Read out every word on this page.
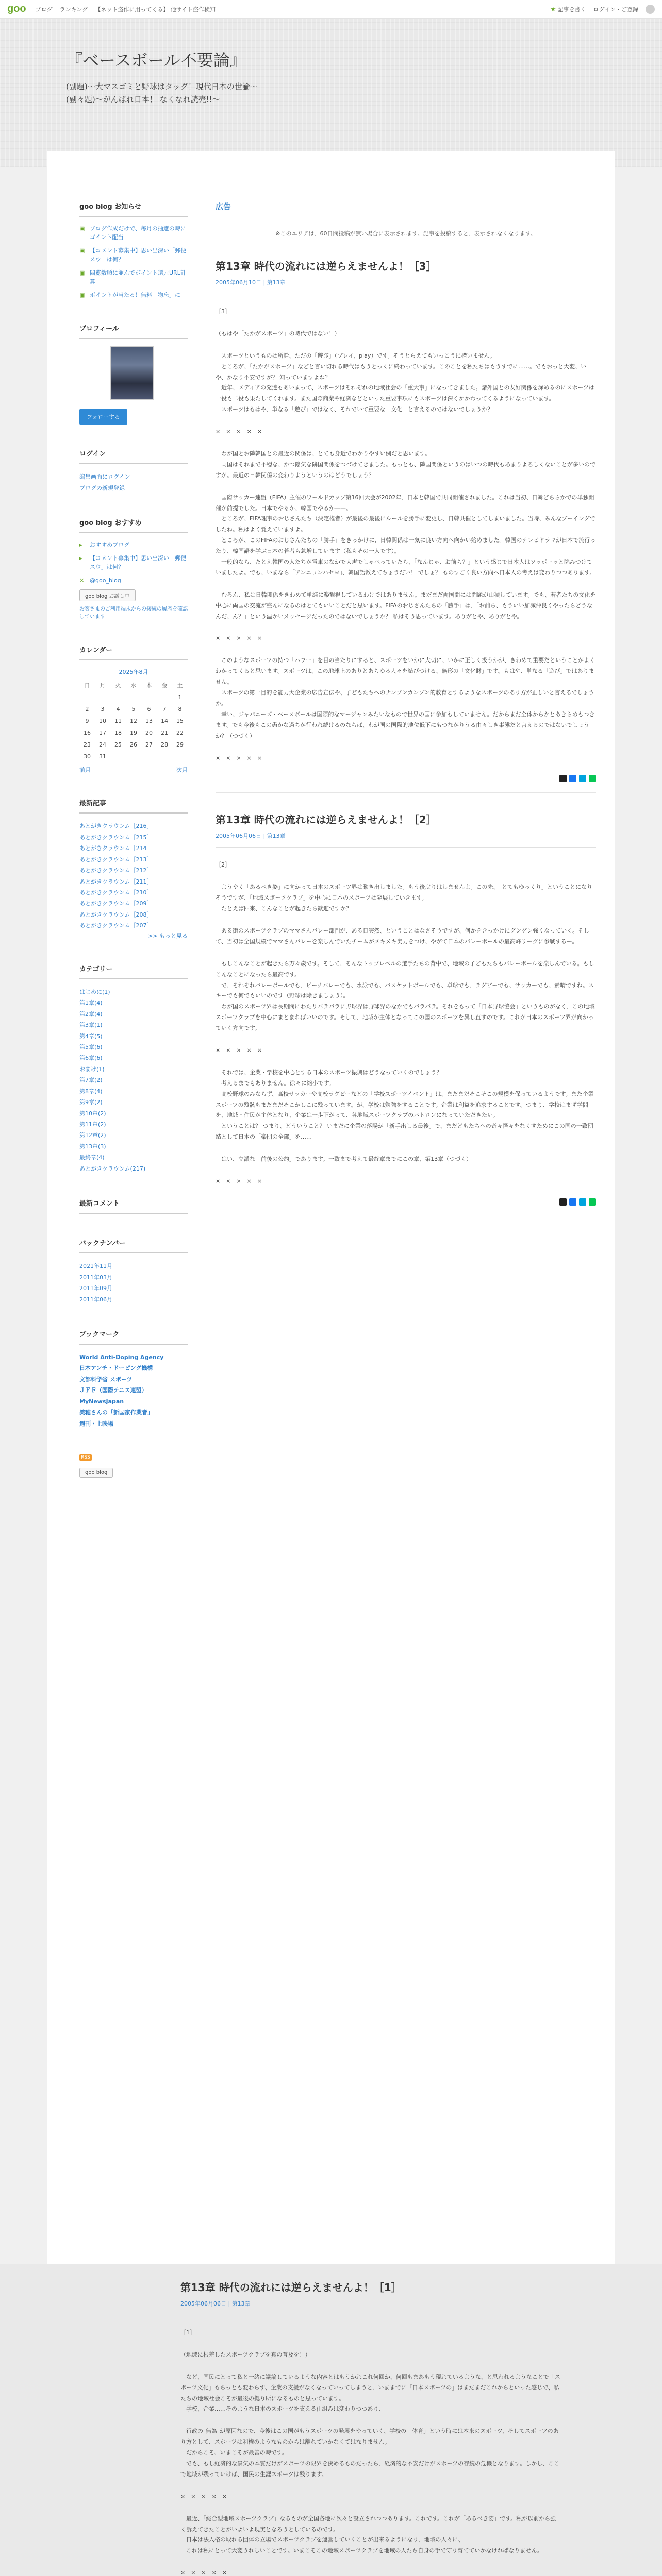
goo ブログ ランキング 【ネット盗作に用ってくる】 他サイト盗作検知	★ 記事を書く ログイン・ご登録
『ベースボール不要論』
(副題)〜大マスゴミと野球はタッグ！現代日本の世論〜
(副々題)〜がんばれ日本！ なくなれ読売!!〜
goo blog お知らせ
▣ ブログ作成だけで、毎月の抽選の時にゴイント配当
▣ 【コメント募集中】思い出深い「郵便スウ」は何？
▣ 閲覧数順に並んでボイント還元URL計算
▣ ボイントが当たる！無料「物忘」に
プロフィール
フォローする
ログイン
編集画面にログイン
ブログの新規登録
goo blog おすすめ
▸	おすすめブログ
▸	【コメント募集中】思い出深い「郵便スウ」は何？
✕ @goo_blog
goo blog お試し中
お客さまのご利用端末からの接続の履歴を確認しています
カレンダー
2025年8月
日	月	火	水	木	金	土
						1
2	3	4	5	6	7	8
9	10	11	12	13	14	15
16	17	18	19	20	21	22
23	24	25	26	27	28	29
30	31					
前月	次月
最新記事
あとがきクラウンム［216］
あとがきクラウンム［215］
あとがきクラウンム［214］
あとがきクラウンム［213］
あとがきクラウンム［212］
あとがきクラウンム［211］
あとがきクラウンム［210］
あとがきクラウンム［209］
あとがきクラウンム［208］
あとがきクラウンム［207］
>> もっと見る
カテゴリー
はじめに(1)
第1章(4)
第2章(4)
第3章(1)
第4章(5)
第5章(6)
第6章(6)
おまけ(1)
第7章(2)
第8章(4)
第9章(2)
第10章(2)
第11章(2)
第12章(2)
第13章(3)
最終章(4)
あとがきクラウンム(217)
最新コメント
バックナンバー
2021年11月
2011年03月
2011年09月
2011年06月
ブックマーク
World Anti-Doping Agency
日本アンチ・ドーピング機構
文部科学省 スポーツ
ＪＦＦ（国際テニス連盟）
MyNewsJapan
美穂さんの「新国家作業者」
週刊・上映場
RSS

goo blog
広告
※このエリアは、60日間投稿が無い場合に表示されます。記事を投稿すると、表示されなくなります。
第13章 時代の流れには逆らえませんよ！［3］
2005年06月10日 | 第13章

［3］

（もはや「たかがスポーツ」の時代ではない！）

　スポーツというものは所詮、ただの「遊び」（プレイ、play）です。そうとらえてもいっこうに構いません。
　ところが、「たかがスポーツ」などと言い切れる時代はもうとっくに終わっています。このことを私たちはもうすでに……。でもおっと大変、いや、かなり不安ですが？ 知っていますよね？
　近年、メディアの発達もあいまって、スポーツはそれぞれの地域社会の「重大事」になってきました。諸外国との友好関係を深めるのにスポーツは一役も二役も果たしてくれます。また国際商業や経済などといった重要事項にもスポーツは深くかかわってくるようになっています。
　スポーツはもはや、単なる「遊び」ではなく、それでいて重要な「文化」と言えるのではないでしょうか？

×　×　×　×　×

　わが国とお隣韓国との最近の関係は、とても身近でわかりやすい例だと思います。
　両国はそれまで不穏な、かつ陰気な隣国関係をつづけてきました。もっとも、隣国関係というのはいつの時代もあまりよろしくないことが多いのですが。最近の日韓関係の変わりようというのはどうでしょう？

　国際サッカー連盟（FIFA）主催のワールドカップ第16回大会が2002年、日本と韓国で共同開催されました。これは当初、日韓どちらかでの単独開催が前提でした。日本でやるか、韓国でやるか——。
　ところが、FIFA理事のおじさんたち（決定権者）が最後の最後にルールを勝手に変更し、日韓共催としてしまいました。当時、みんなブーイングでしたね。私はよく覚えていますよ。
　ところが、このFIFAのおじさんたちの「勝手」をきっかけに、日韓関係は一気に良い方向へ向かい始めました。韓国のテレビドラマが日本で流行ったり、韓国語を学ぶ日本の若者も急増しています（私もその一人です）。
　一般的なら、たとえ韓国の人たちが電車のなかで大声でしゃべっていたら、「なんじゃ、お前ら？」という感じで日本人はソッポーッと眺みつけていましたよ。でも、いまなら「アンニョンハセヨ」、韓国語教えてちょうだい！ でしょ？ ものすごく良い方向へ日本人の考えは変わりつつあります。

　むろん、私は日韓関係をきわめて単純に楽観視しているわけではありません。まだまだ両国間には問題が山積しています。でも、若者たちの文化を中心に両国の交流が盛んになるのはとてもいいことだと思います。FIFAのおじさんたちの「勝手」は、「お前ら、もういい加減仲良くやったらどうなんだ、ん？」という温かいメッセージだったのではないでしょうか？ 私はそう思っています。ありがとや、ありがとや。

×　×　×　×　×

　このようなスポーツの持つ「パワー」を目の当たりにすると、スポーツをいかに大切に、いかに正しく扱うかが、きわめて重要だということがよくわかってくると思います。スポーツは、この地球上のありとあらゆる人々を結びつける、無形の「文化財」です。もはや、単なる「遊び」ではありません。
　スポーツの第一目的を能力大企業の広告宣伝や、子どもたちへのナンブンカンプン的教育とするようなスポーツのあり方が正しいと言えるでしょうか。
　幸い、ジャパニーズ・ベースボールは国際的なマージャンみたいなもので世界の国に参加もしていません。だからまだ全体からかとあきらめもつきます。でも今後もこの愚かな過ちが行われ続けるのならば、わが国の国際的地位低下にもつながりうる由々しき事態だと言えるのではないでしょうか？（つづく）

×　×　×　×　×

第13章 時代の流れには逆らえませんよ！［2］
2005年06月06日 | 第13章

［2］

　ようやく「あるべき姿」に向かって日本のスポーツ界は動き出しました。もう後戻りはしませんよ。この先、「とてもゆっくり」ということになりそうですが、「地域スポーツクラブ」を中心に日本のスポーツは発展していきます。
　たとえば四来、こんなことが起きたら歓迎ですか？

　ある街のスポーツクラブのママさんバレー部門が、ある日突然、ということはなさそうですが、何かをきっかけにグングン強くなっていく。そして、当初は全国規模でママさんバレーを楽しんでいたチームがメキメキ実力をつけ、やがて日本のバレーボールの最高峰リーグに参戦するー。

　もしこんなことが起きたら万々歳です。そして、そんなトップレベルの選手たちの背中で、地域の子どもたちもバレーボールを楽しんでいる。もしこんなことになったら最高です。
　で、それぞれバレーボールでも、ビーチバレーでも、水泳でも、バスケットボールでも、卓球でも、ラグビーでも、サッカーでも、素晴ですね。スキーでも何でもいいのです（野球は除きましょう）。
　わが国のスポーツ界は長期間にわたりバラバラに野球界は野球界のなかでもバラバラ。それをもって「日本野球協会」というものがなく、この地域スポーツクラブを中心にまとまればいいのです。そして、地域が主体となってこの国のスポーツを興し直すのです。これが日本のスポーツ界が向かっていく方向です。

×　×　×　×　×

　それでは、企業・学校を中心とする日本のスポーツ振興はどうなっていくのでしょう？
　考えるまでもありません。徐々に縮小です。
　高校野球のみならず、高校サッカーや高校ラグビーなどの「学校スポーツイベント」は、まだまだそこそこの規模を保っているようです。また企業スポーツの残骸もまだまだそこかしこに残っています。が、学校は勉強をすることです。企業は利益を追求することです。つまり、学校はまず学問を、地域・住民が主体となり、企業は一歩下がって、各地域スポーツクラブのパトロンになっていただきたい。
　ということは？ つまり、どういうこと？ いまだに企業の落陽が「新手出しる最後」で、まだどもたちへの奇々怪々をなくすためにこの国の一致団結として日本の「楽団の全部」を……

　はい、立派な「前後の公約」であります。一致まで考えて最終章までにこの章、第13章（つづく）

×　×　×　×　×

第13章 時代の流れには逆らえませんよ！［1］
2005年06月06日 | 第13章

［1］

（地域に根差したスポーツクラブを真の普及を！）

　など、国民にとって私と一緒に議論しているような内容とはもうかれこれ何回か、何回もまあもう現れているような、と思われるようなことで「スポーツ文化」もちっとも変わらず、企業の支援がなくなっていってしまうと、いままでに「日本スポーツの」はまだまだこれからといった感じで、私たちの地域社会こそが最後の拠り所になるものと思っています。
　学校、企業……そのような日本のスポーツを支える仕組みは変わりつつあり、

　行政の"無為"が原因なので、今後はこの国がもうスポーツの発展をやっていく、学校の「体育」という時には本来のスポーツ、そしてスポーツのあり方として、スポーツは利権のようなものからは離れていかなくてはなりません。
　だからこそ、いまこそが最善の時です。
　でも、もし経済的な景気の本質だけがスポーツの限界を決めるものだったら、経済的な不安だけがスポーツの存続の危機となります。しかし、ここで地域が残っていけば、国民の生涯スポーツは残ります。

×　×　×　×　×

　最近、「総合型地域スポーツクラブ」なるものが全国各地に次々と設立されつつあります。これです。これが「あるべき姿」です。私が以前から強く訴えてきたことがいよいよ現実となろうとしているのです。
　日本は法人格の取れる団体の立場でスポーツクラブを運営していくことが出来るようになり、地域の人々に、
　これは私にとって大変うれしいことです。いまこそこの地域スポーツクラブを地域の人たち自身の手で守り育てていかなければなりません。

×　×　×　×　×
